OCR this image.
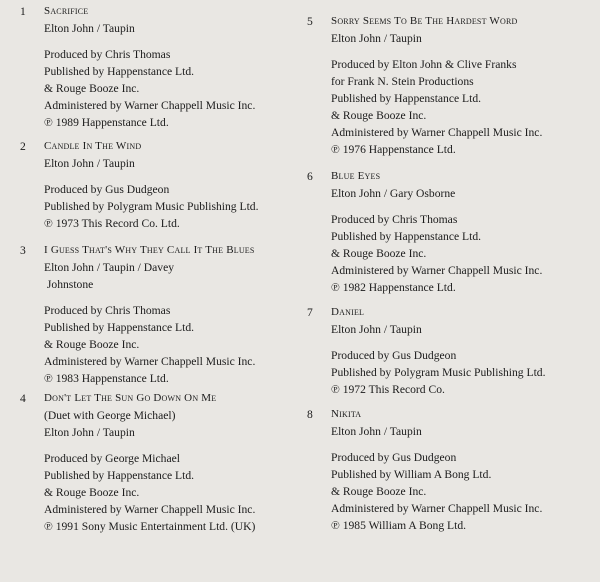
1	Sacrifice
Elton John / Taupin
Produced by Chris Thomas
Published by Happenstance Ltd.
& Rouge Booze Inc.
Administered by Warner Chappell Music Inc.
℗ 1989 Happenstance Ltd.
2	Candle In The Wind
Elton John / Taupin
Produced by Gus Dudgeon
Published by Polygram Music Publishing Ltd.
℗ 1973 This Record Co. Ltd.
3	I Guess That's Why They Call It The Blues
Elton John / Taupin / Davey
Johnstone
Produced by Chris Thomas
Published by Happenstance Ltd.
& Rouge Booze Inc.
Administered by Warner Chappell Music Inc.
℗ 1983 Happenstance Ltd.
4	Don't Let The Sun Go Down On Me
(Duet with George Michael)
Elton John / Taupin
Produced by George Michael
Published by Happenstance Ltd.
& Rouge Booze Inc.
Administered by Warner Chappell Music Inc.
℗ 1991 Sony Music Entertainment Ltd. (UK)
5	Sorry Seems To Be The Hardest Word
Elton John / Taupin
Produced by Elton John & Clive Franks
for Frank N. Stein Productions
Published by Happenstance Ltd.
& Rouge Booze Inc.
Administered by Warner Chappell Music Inc.
℗ 1976 Happenstance Ltd.
6	Blue Eyes
Elton John / Gary Osborne
Produced by Chris Thomas
Published by Happenstance Ltd.
& Rouge Booze Inc.
Administered by Warner Chappell Music Inc.
℗ 1982 Happenstance Ltd.
7	Daniel
Elton John / Taupin
Produced by Gus Dudgeon
Published by Polygram Music Publishing Ltd.
℗ 1972 This Record Co.
8	Nikita
Elton John / Taupin
Produced by Gus Dudgeon
Published by William A Bong Ltd.
& Rouge Booze Inc.
Administered by Warner Chappell Music Inc.
℗ 1985 William A Bong Ltd.
